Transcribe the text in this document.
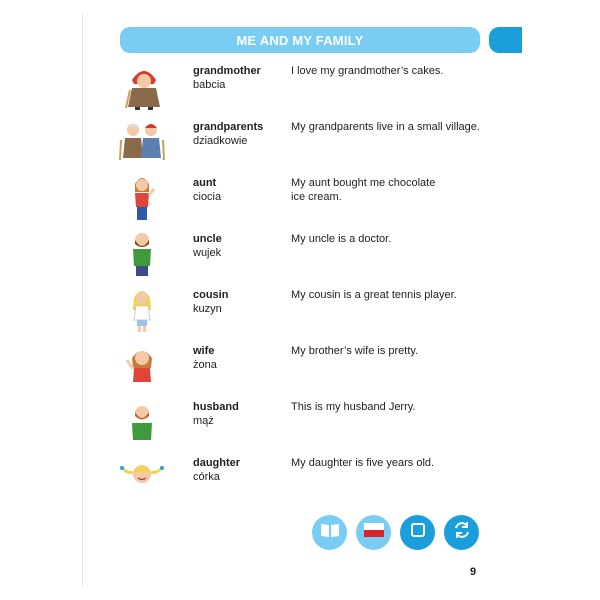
ME AND MY FAMILY
grandmother
babcia
I love my grandmother’s cakes.
grandparents
dziadkowie
My grandparents live in a small village.
aunt
ciocia
My aunt bought me chocolate
ice cream.
uncle
wujek
My uncle is a doctor.
cousin
kuzyn
My cousin is a great tennis player.
wife
żona
My brother’s wife is pretty.
husband
mąż
This is my husband Jerry.
daughter
córka
My daughter is five years old.
9
